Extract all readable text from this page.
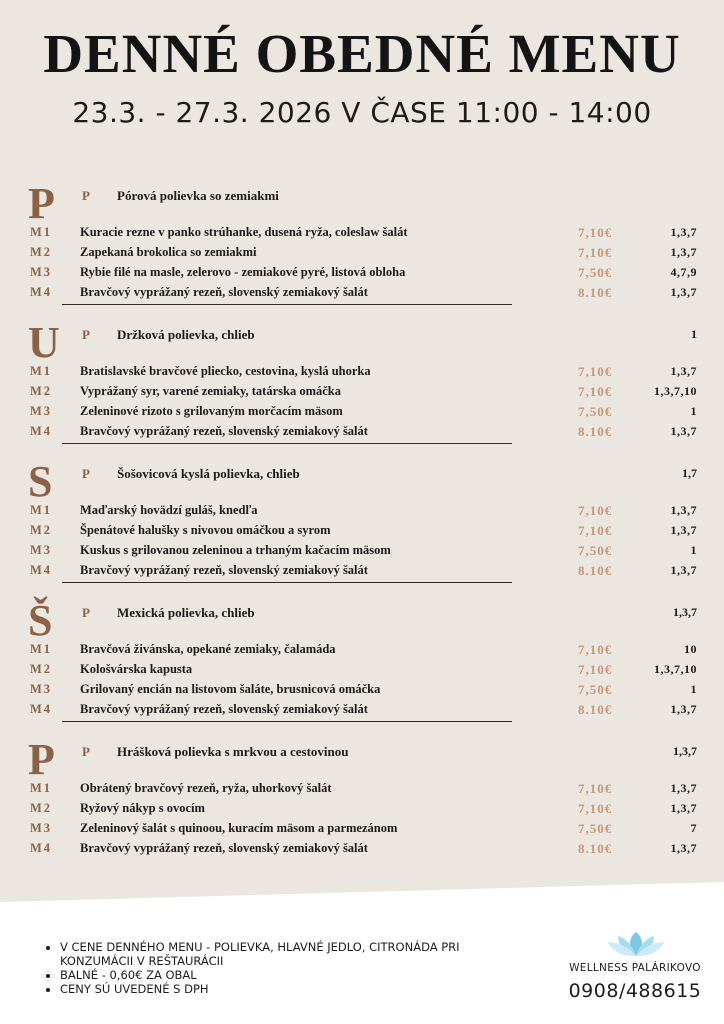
DENNÉ OBEDNÉ MENU
23.3. - 27.3. 2026 V ČASE 11:00 - 14:00
P P Pórová polievka so zemiakmi
M1 Kuracie rezne v panko strúhanke, dusená ryža, coleslaw šalát	7,10€	1,3,7
M2 Zapekaná brokolica so zemiakmi	7,10€	1,3,7
M3 Rybie filé na masle, zelerovo - zemiakové pyré, listová obloha	7,50€	4,7,9
M4 Bravčový vyprážaný rezeň, slovenský zemiakový šalát	8.10€	1,3,7
U P Držková polievka, chlieb	1
M1 Bratislavské bravčové pliecko, cestovina, kyslá uhorka	7,10€	1,3,7
M2 Vyprážaný syr, varené zemiaky, tatárska omáčka	7,10€	1,3,7,10
M3 Zeleninové rizoto s grilovaným morčacím mäsom	7,50€	1
M4 Bravčový vyprážaný rezeň, slovenský zemiakový šalát	8.10€	1,3,7
S P Šošovicová kyslá polievka, chlieb	1,7
M1 Maďarský hovädzí guláš, knedľa	7,10€	1,3,7
M2 Špenátové halušky s nivovou omáčkou a syrom	7,10€	1,3,7
M3 Kuskus s grilovanou zeleninou a trhaným kačacím mäsom	7,50€	1
M4 Bravčový vyprážaný rezeň, slovenský zemiakový šalát	8.10€	1,3,7
Š P Mexická polievka, chlieb	1,3,7
M1 Bravčová živánska, opekané zemiaky, čalamáda	7,10€	10
M2 Kološvárska kapusta	7,10€	1,3,7,10
M3 Grilovaný encián na listovom šaláte, brusnicová omáčka	7,50€	1
M4 Bravčový vyprážaný rezeň, slovenský zemiakový šalát	8.10€	1,3,7
P P Hrášková polievka s mrkvou a cestovinou	1,3,7
M1 Obrátený bravčový rezeň, ryža, uhorkový šalát	7,10€	1,3,7
M2 Ryžový nákyp s ovocím	7,10€	1,3,7
M3 Zeleninový šalát s quinoou, kuracím mäsom a parmezánom	7,50€	7
M4 Bravčový vyprážaný rezeň, slovenský zemiakový šalát	8.10€	1,3,7
• V CENE DENNÉHO MENU - POLIEVKA, HLAVNÉ JEDLO, CITRONÁDA PRI KONZUMÁCII V REŠTAURÁCII
• BALNÉ - 0,60€ ZA OBAL
• CENY SÚ UVEDENÉ S DPH
WELLNESS PALÁRIKOVO
0908/488615
